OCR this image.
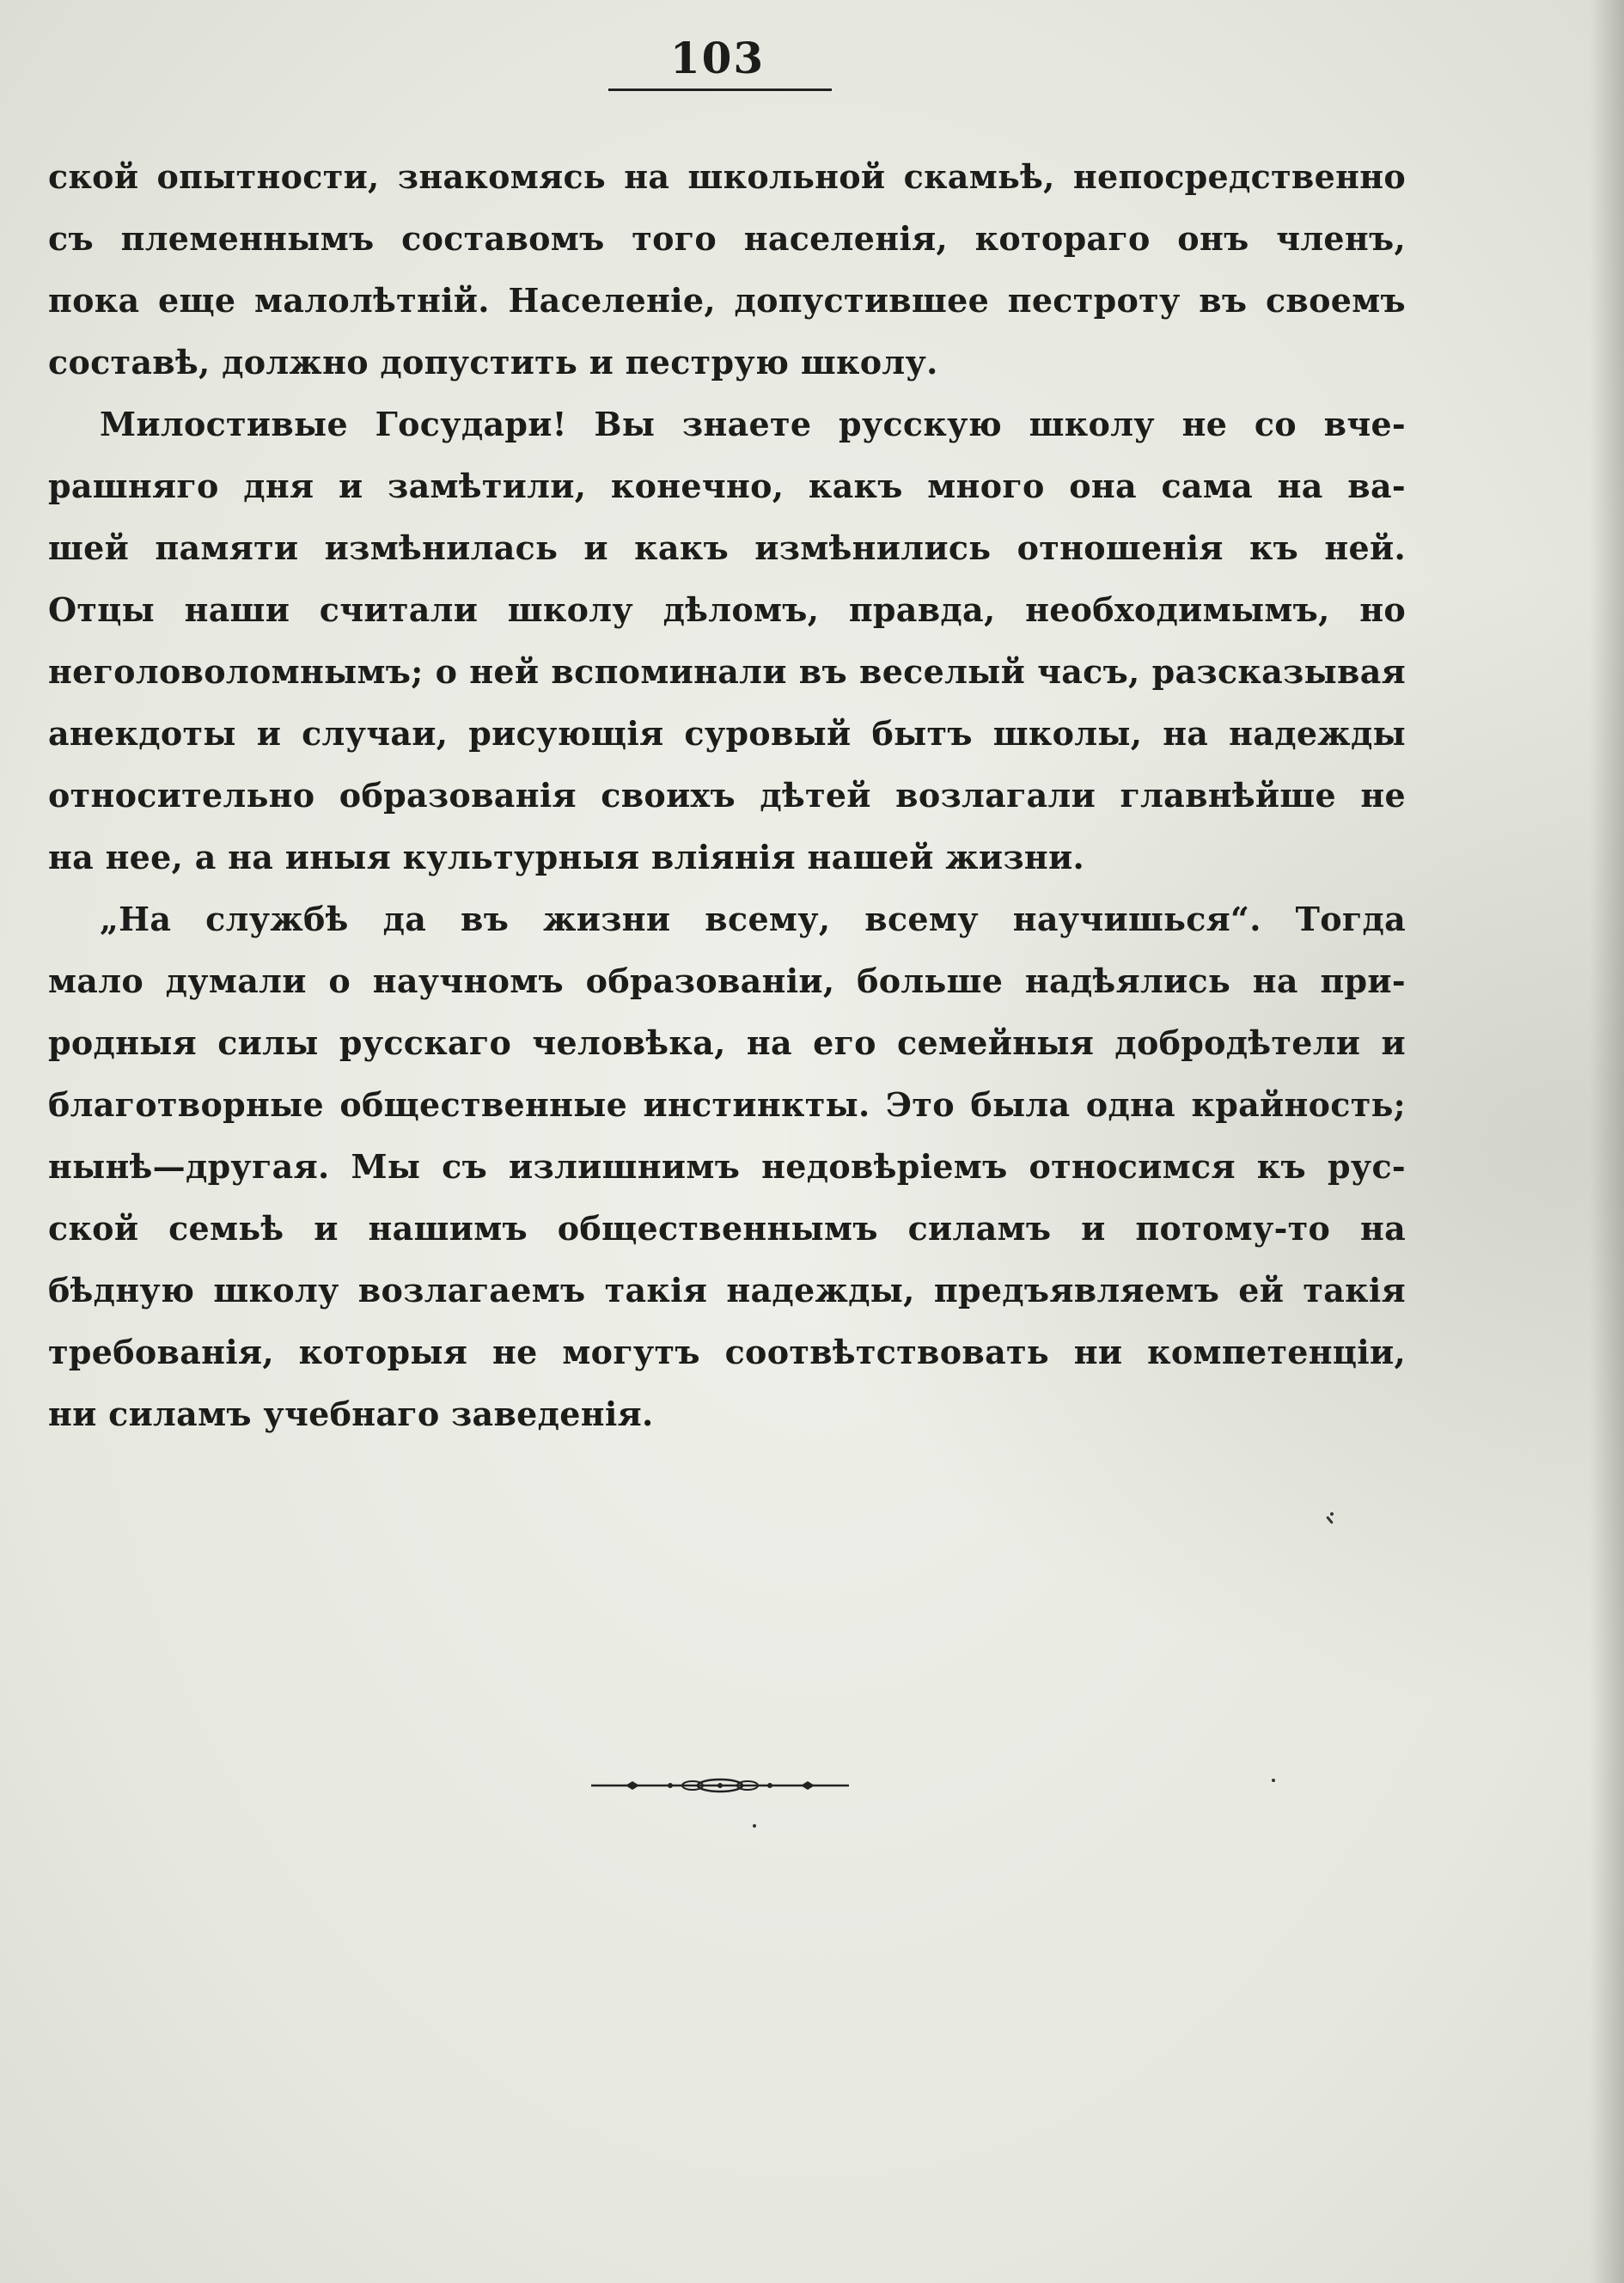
103
ской опытности, знакомясь на школьной скамьѣ, непосредственно
съ племеннымъ составомъ того населенія, котораго онъ членъ,
пока еще малолѣтній. Населеніе, допустившее пестроту въ своемъ
составѣ, должно допустить и пеструю школу.
Милостивые Государи! Вы знаете русскую школу не со вче-
рашняго дня и замѣтили, конечно, какъ много она сама на ва-
шей памяти измѣнилась и какъ измѣнились отношенія къ ней.
Отцы наши считали школу дѣломъ, правда, необходимымъ, но
неголоволомнымъ; о ней вспоминали въ веселый часъ, разсказывая
анекдоты и случаи, рисующія суровый бытъ школы, на надежды
относительно образованія своихъ дѣтей возлагали главнѣйше не
на нее, а на иныя культурныя вліянія нашей жизни.
„На службѣ да въ жизни всему, всему научишься“. Тогда
мало думали о научномъ образованіи, больше надѣялись на при-
родныя силы русскаго человѣка, на его семейныя добродѣтели и
благотворные общественные инстинкты. Это была одна крайность;
нынѣ—другая. Мы съ излишнимъ недовѣріемъ относимся къ рус-
ской семьѣ и нашимъ общественнымъ силамъ и потому-то на
бѣдную школу возлагаемъ такія надежды, предъявляемъ ей такія
требованія, которыя не могутъ соотвѣтствовать ни компетенціи,
ни силамъ учебнаго заведенія.
